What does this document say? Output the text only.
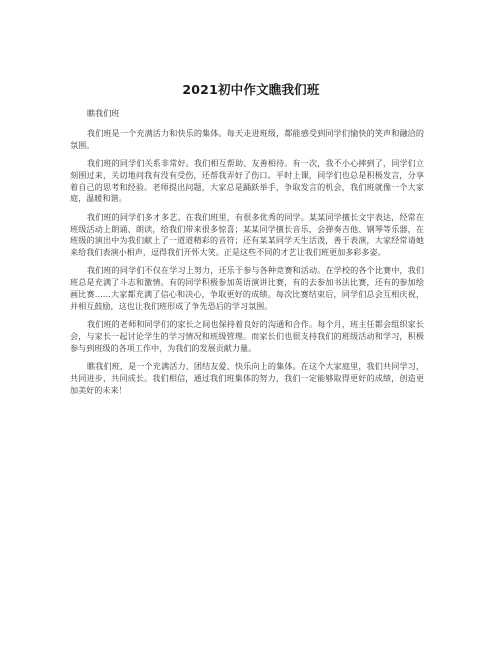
2021初中作文瞧我们班

瞧我们班

我们班是一个充满活力和快乐的集体。每天走进班级，都能感受到同学们愉快的笑声和融洽的氛围。

我们班的同学们关系非常好。我们相互帮助、友善相待。有一次，我不小心摔到了，同学们立刻围过来，关切地问我有没有受伤，还帮我弄好了伤口。平时上课，同学们也总是积极发言，分享着自己的思考和经验。老师提出问题，大家总是踊跃举手，争取发言的机会，我们班就像一个大家庭，温暖和谐。

我们班的同学们多才多艺。在我们班里，有很多优秀的同学。某某同学擅长文字表达，经常在班级活动上朗诵、朗读，给我们带来很多惊喜；某某同学擅长音乐，会弹奏吉他、钢琴等乐器，在班级的演出中为我们献上了一道道精彩的音符；还有某某同学天生活泼，善于表演，大家经常请她来给我们表演小相声，逗得我们开怀大笑。正是这些不同的才艺让我们班更加多彩多姿。

我们班的同学们不仅在学习上努力，还乐于参与各种竞赛和活动。在学校的各个比赛中，我们班总是充满了斗志和激情。有的同学积极参加英语演讲比赛，有的去参加书法比赛，还有的参加绘画比赛……大家都充满了信心和决心，争取更好的成绩。每次比赛结束后，同学们总会互相庆祝，并相互鼓励，这也让我们班形成了争先恐后的学习氛围。

我们班的老师和同学们的家长之间也保持着良好的沟通和合作。每个月，班主任都会组织家长会，与家长一起讨论学生的学习情况和班级管理。而家长们也很支持我们的班级活动和学习，积极参与到班级的各项工作中，为我们的发展贡献力量。

瞧我们班，是一个充满活力、团结友爱、快乐向上的集体。在这个大家庭里，我们共同学习，共同进步，共同成长。我们相信，通过我们班集体的努力，我们一定能够取得更好的成绩，创造更加美好的未来！
